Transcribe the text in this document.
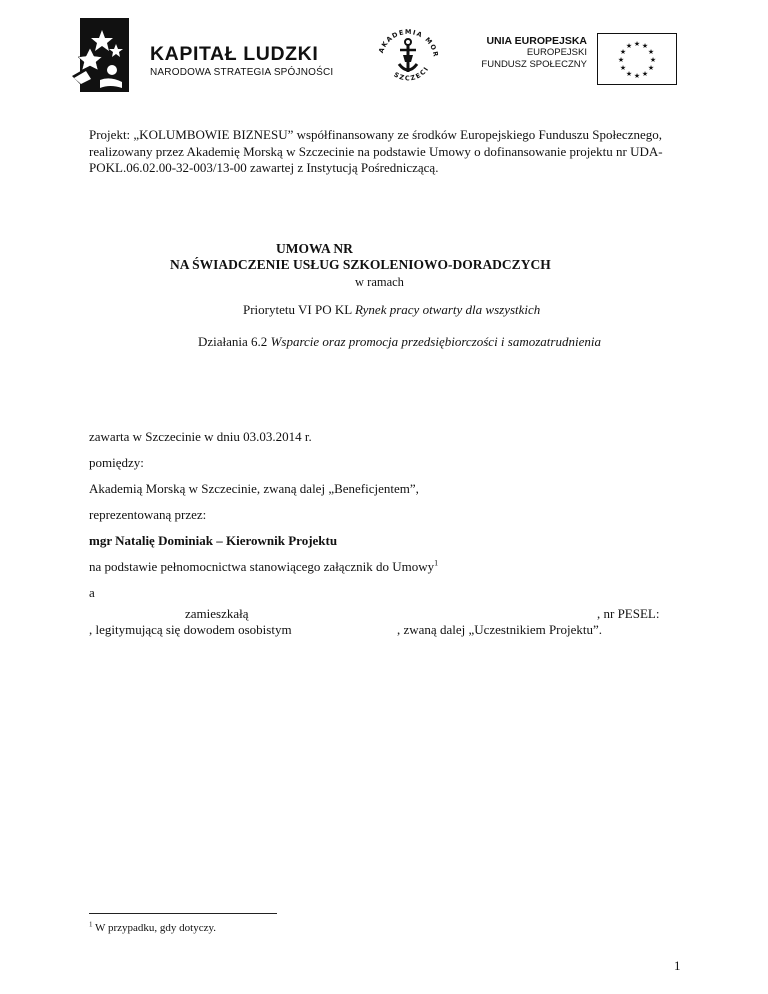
KAPITAŁ LUDZKI
NARODOWA STRATEGIA SPÓJNOŚCI
AKADEMIA MOR
SZCZECI
UNIA EUROPEJSKA
EUROPEJSKI
FUNDUSZ SPOŁECZNY
★ ★
★
★
★
★
★
★
★
★
★
★
Projekt: „KOLUMBOWIE BIZNESU” współfinansowany ze środków Europejskiego Funduszu Społecznego, realizowany przez Akademię Morską w Szczecinie na podstawie Umowy o dofinansowanie projektu nr UDA-POKL.06.02.00-32-003/13-00 zawartej z Instytucją Pośredniczącą.
UMOWA NR
NA ŚWIADCZENIE USŁUG SZKOLENIOWO-DORADCZYCH
w ramach
Priorytetu VI PO KL Rynek pracy otwarty dla wszystkich
Działania 6.2 Wsparcie oraz promocja przedsiębiorczości i samozatrudnienia
zawarta w Szczecinie w dniu 03.03.2014 r.
pomiędzy:
Akademią Morską w Szczecinie, zwaną dalej „Beneficjentem”,
reprezentowaną przez:
mgr Natalię Dominiak – Kierownik Projektu
na podstawie pełnomocnictwa stanowiącego załącznik do Umowy$^1$
a
zamieszkałą	, nr PESEL:
, legitymującą się dowodem osobistym	, zwaną dalej „Uczestnikiem Projektu”.
$^1$ W przypadku, gdy dotyczy.
1
